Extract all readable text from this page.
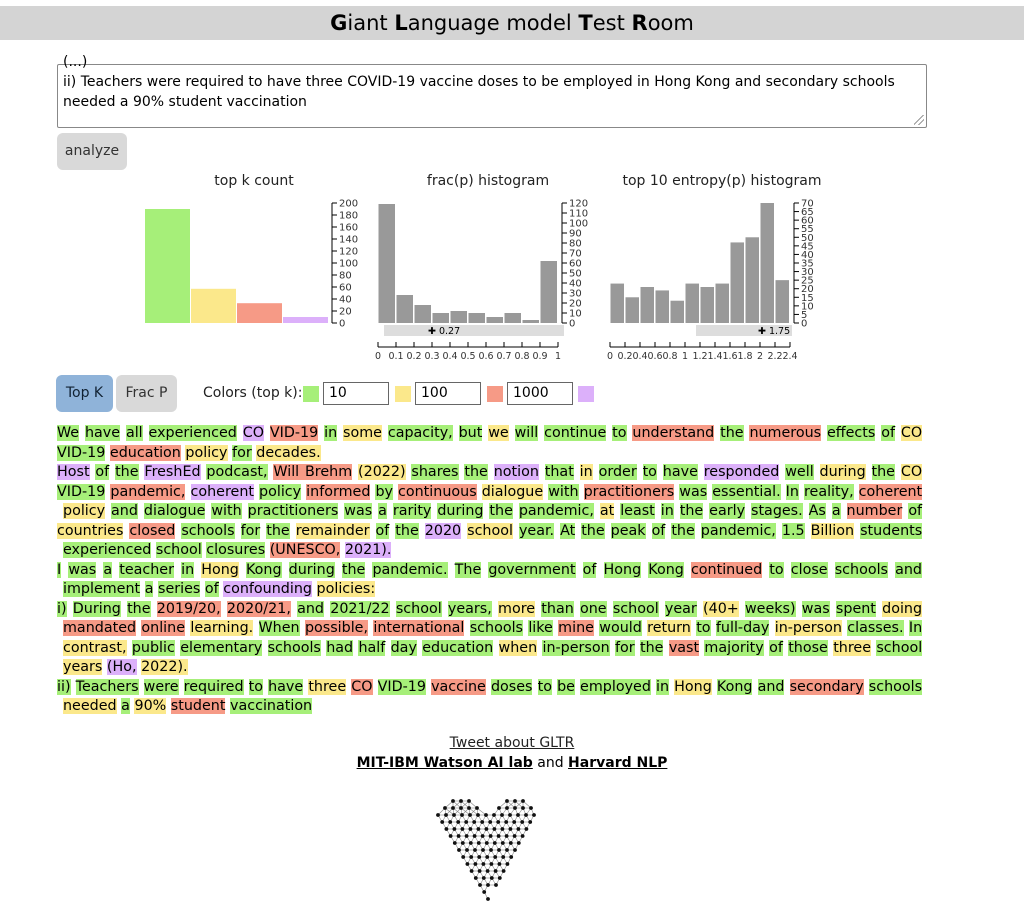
Giant Language model Test Room
(...)
ii) Teachers were required to have three COVID-19 vaccine doses to be employed in Hong Kong and secondary schools
needed a 90% student vaccination
analyze
top k count	frac(p) histogram	top 10 entropy(p) histogram
0
20
40
60
80
100
120
140
160
180
200
0
10
20
30
40
50
60
70
80
90
100
110
120
✚ 0.27
0 0.1 0.2 0.3 0.4 0.5 0.6 0.7 0.8 0.9 1
0
5
10
15
20
25
30
35
40
45
50
55
60
65
70
✚ 1.75
0 0.2 0.4 0.6 0.8 1 1.2 1.4 1.6 1.8 2 2.2 2.4
Top K	Frac P	Colors (top k):	10	100	1000
We have all experienced CO VID-19 in some capacity, but we will continue to understand the numerous effects of CO
VID-19 education policy for decades.
Host of the FreshEd podcast, Will Brehm (2022) shares the notion that in order to have responded well during the CO
VID-19 pandemic, coherent policy informed by continuous dialogue with practitioners was essential. In reality, coherent
policy and dialogue with practitioners was a rarity during the pandemic, at least in the early stages. As a number of
countries closed schools for the remainder of the 2020 school year. At the peak of the pandemic, 1.5 Billion students
experienced school closures (UNESCO, 2021).
I was a teacher in Hong Kong during the pandemic. The government of Hong Kong continued to close schools and
implement a series of confounding policies:
i) During the 2019/20, 2020/21, and 2021/22 school years, more than one school year (40+ weeks) was spent doing
mandated online learning. When possible, international schools like mine would return to full-day in-person classes. In
contrast, public elementary schools had half day education when in-person for the vast majority of those three school
years (Ho, 2022).
ii) Teachers were required to have three CO VID-19 vaccine doses to be employed in Hong Kong and secondary schools
needed a 90% student vaccination
Tweet about GLTR
MIT-IBM Watson AI lab and Harvard NLP
